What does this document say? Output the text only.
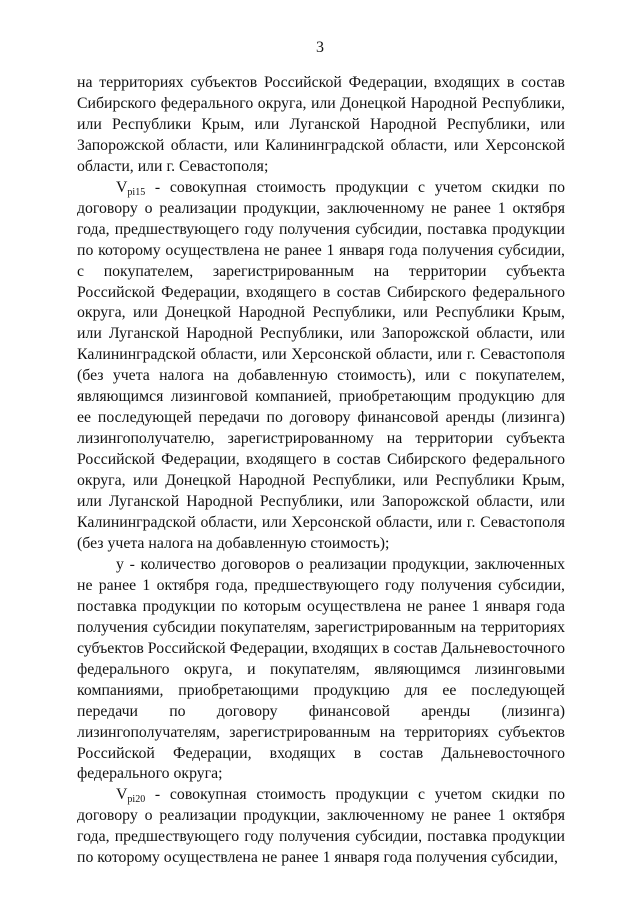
3

на территориях субъектов Российской Федерации, входящих в состав Сибирского федерального округа, или Донецкой Народной Республики, или Республики Крым, или Луганской Народной Республики, или Запорожской области, или Калининградской области, или Херсонской области, или г. Севастополя;

$V_{pi15}$ - совокупная стоимость продукции с учетом скидки по договору о реализации продукции, заключенному не ранее 1 октября года, предшествующего году получения субсидии, поставка продукции по которому осуществлена не ранее 1 января года получения субсидии, с покупателем, зарегистрированным на территории субъекта Российской Федерации, входящего в состав Сибирского федерального округа, или Донецкой Народной Республики, или Республики Крым, или Луганской Народной Республики, или Запорожской области, или Калининградской области, или Херсонской области, или г. Севастополя (без учета налога на добавленную стоимость), или с покупателем, являющимся лизинговой компанией, приобретающим продукцию для ее последующей передачи по договору финансовой аренды (лизинга) лизингополучателю, зарегистрированному на территории субъекта Российской Федерации, входящего в состав Сибирского федерального округа, или Донецкой Народной Республики, или Республики Крым, или Луганской Народной Республики, или Запорожской области, или Калининградской области, или Херсонской области, или г. Севастополя (без учета налога на добавленную стоимость);

y - количество договоров о реализации продукции, заключенных не ранее 1 октября года, предшествующего году получения субсидии, поставка продукции по которым осуществлена не ранее 1 января года получения субсидии покупателям, зарегистрированным на территориях субъектов Российской Федерации, входящих в состав Дальневосточного федерального округа, и покупателям, являющимся лизинговыми компаниями, приобретающими продукцию для ее последующей передачи по договору финансовой аренды (лизинга) лизингополучателям, зарегистрированным на территориях субъектов Российской Федерации, входящих в состав Дальневосточного федерального округа;

$V_{pi20}$ - совокупная стоимость продукции с учетом скидки по договору о реализации продукции, заключенному не ранее 1 октября года, предшествующего году получения субсидии, поставка продукции по которому осуществлена не ранее 1 января года получения субсидии,
